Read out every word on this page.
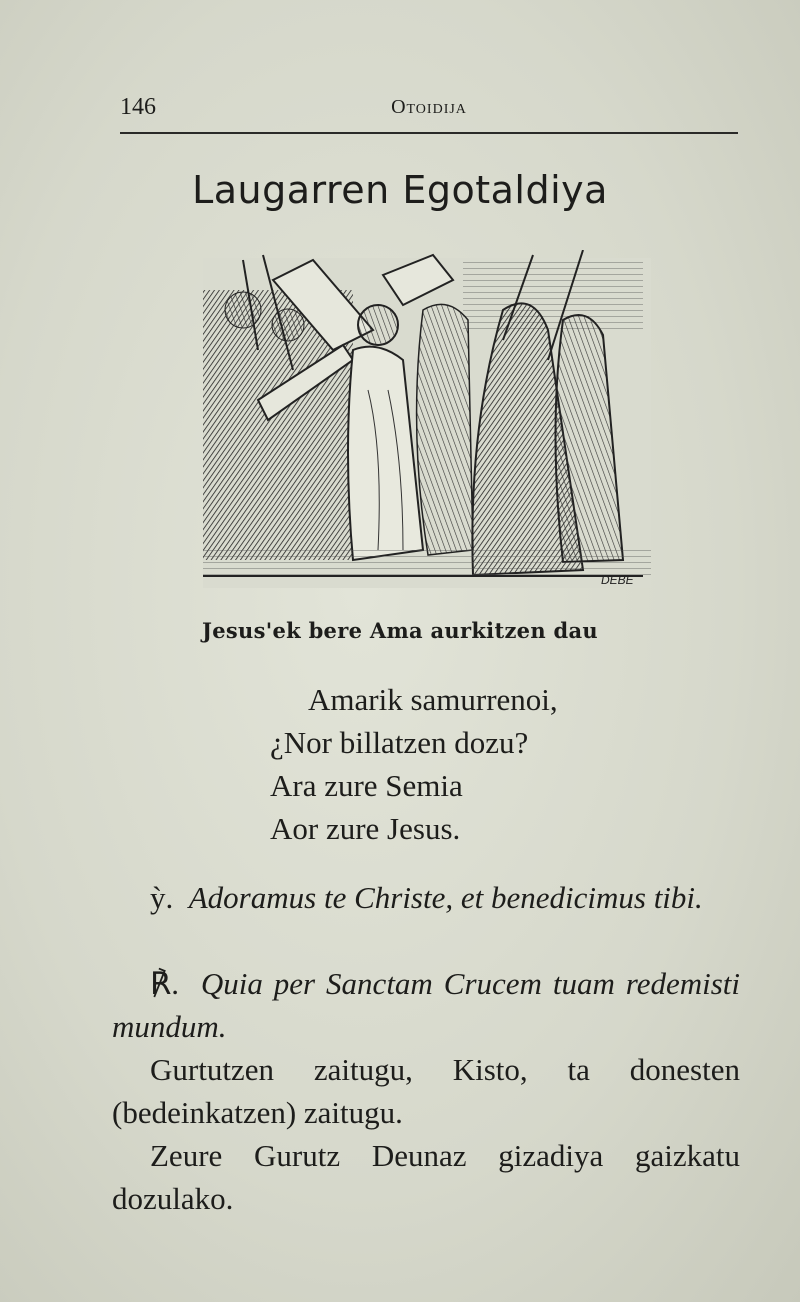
146	Otoidija
Laugarren Egotaldiya
DEBE
Jesus'ek bere Ama aurkitzen dau
Amarik samurrenoi,
¿Nor billatzen dozu?
Ara zure Semia
Aor zure Jesus.

ỳ. Adoramus te Christe, et benedicimus tibi.

℟. Quia per Sanctam Crucem tuam redemisti mundum.

Gurtutzen zaitugu, Kisto, ta donesten (bedeinkatzen) zaitugu.

Zeure Gurutz Deunaz gizadiya gaizkatu dozulako.
